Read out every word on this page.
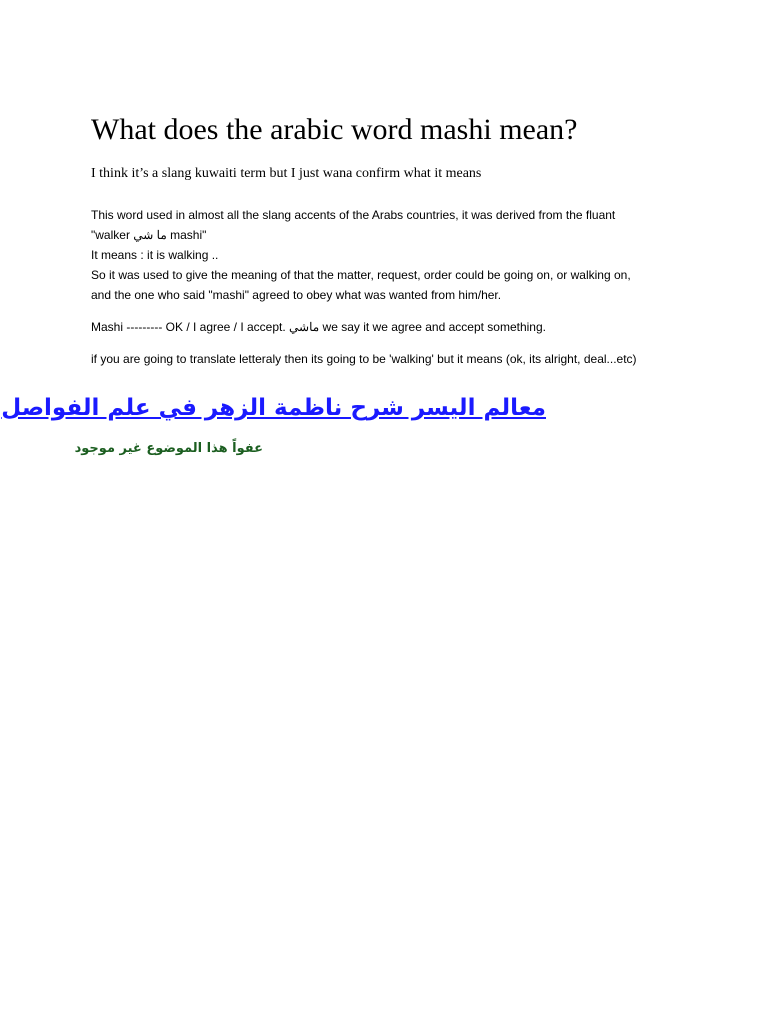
What does the arabic word mashi mean?

I think it’s a slang kuwaiti term but I just wana confirm what it means

This word used in almost all the slang accents of the Arabs countries, it was derived from the fluant
"walker ما شي mashi"
It means : it is walking ..
So it was used to give the meaning of that the matter, request, order could be going on, or walking on,
and the one who said "mashi" agreed to obey what was wanted from him/her.

Mashi --------- OK / I agree / I accept. ماشي we say it we agree and accept something.

if you are going to translate letteraly then its going to be 'walking' but it means (ok, its alright, deal...etc)

معالم اليسر شرح ناظمة الزهر في علم الفواصل
عفواً هذا الموضوع غير موجود
